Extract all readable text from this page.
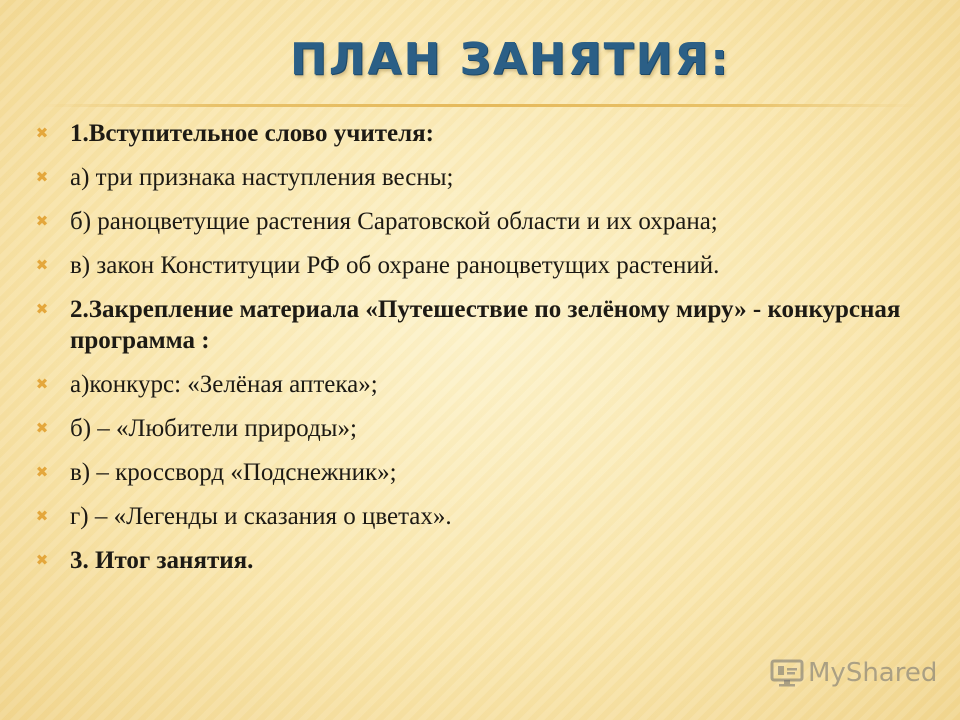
ПЛАН ЗАНЯТИЯ:
✖ 1.Вступительное слово учителя:
✖ а) три признака наступления весны;
✖ б) раноцветущие растения Саратовской области и их охрана;
✖ в) закон Конституции РФ об охране раноцветущих растений.
✖ 2.Закрепление материала «Путешествие по зелёному миру» - конкурсная программа :
✖ а)конкурс: «Зелёная аптека»;
✖ б) – «Любители природы»;
✖ в) – кроссворд «Подснежник»;
✖ г) – «Легенды и сказания о цветах».
✖ 3. Итог занятия.
MyShared
